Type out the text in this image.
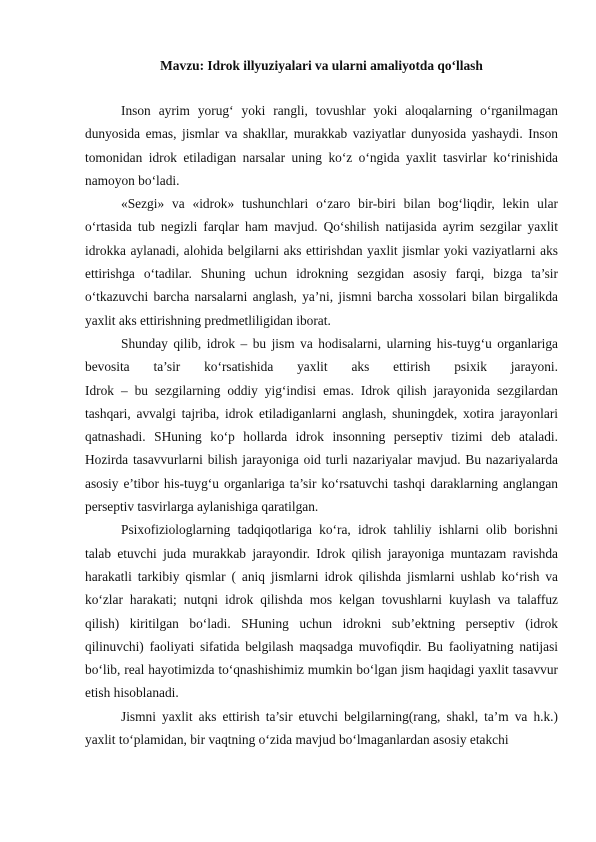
Mavzu: Idrok illyuziyalari va ularni amaliyotda qo‘llash

Inson ayrim yorug‘ yoki rangli, tovushlar yoki aloqalarning o‘rganilmagan dunyosida emas, jismlar va shakllar, murakkab vaziyatlar dunyosida yashaydi. Inson tomonidan idrok etiladigan narsalar uning ko‘z o‘ngida yaxlit tasvirlar ko‘rinishida namoyon bo‘ladi.

«Sezgi» va «idrok» tushunchlari o‘zaro bir-biri bilan bog‘liqdir, lekin ular o‘rtasida tub negizli farqlar ham mavjud. Qo‘shilish natijasida ayrim sezgilar yaxlit idrokka aylanadi, alohida belgilarni aks ettirishdan yaxlit jismlar yoki vaziyatlarni aks ettirishga o‘tadilar. Shuning uchun idrokning sezgidan asosiy farqi, bizga ta’sir o‘tkazuvchi barcha narsalarni anglash, ya’ni, jismni barcha xossolari bilan birgalikda yaxlit aks ettirishning predmetliligidan iborat.

Shunday qilib, idrok – bu jism va hodisalarni, ularning his-tuyg‘u organlariga bevosita ta’sir ko‘rsatishida yaxlit aks ettirish psixik jarayoni.

Idrok – bu sezgilarning oddiy yig‘indisi emas. Idrok qilish jarayonida sezgilardan tashqari, avvalgi tajriba, idrok etiladiganlarni anglash, shuningdek, xotira jarayonlari qatnashadi. SHuning ko‘p hollarda idrok insonning perseptiv tizimi deb ataladi. Hozirda tasavvurlarni bilish jarayoniga oid turli nazariyalar mavjud. Bu nazariyalarda asosiy e’tibor his-tuyg‘u organlariga ta’sir ko‘rsatuvchi tashqi daraklarning anglangan perseptiv tasvirlarga aylanishiga qaratilgan.

Psixofiziologlarning tadqiqotlariga ko‘ra, idrok tahliliy ishlarni olib borishni talab etuvchi juda murakkab jarayondir. Idrok qilish jarayoniga muntazam ravishda harakatli tarkibiy qismlar ( aniq jismlarni idrok qilishda jismlarni ushlab ko‘rish va ko‘zlar harakati; nutqni idrok qilishda mos kelgan tovushlarni kuylash va talaffuz qilish) kiritilgan bo‘ladi. SHuning uchun idrokni sub’ektning perseptiv (idrok qilinuvchi) faoliyati sifatida belgilash maqsadga muvofiqdir. Bu faoliyatning natijasi bo‘lib, real hayotimizda to‘qnashishimiz mumkin bo‘lgan jism haqidagi yaxlit tasavvur etish hisoblanadi.

Jismni yaxlit aks ettirish ta’sir etuvchi belgilarning(rang, shakl, ta’m va h.k.) yaxlit to‘plamidan, bir vaqtning o‘zida mavjud bo‘lmaganlardan asosiy etakchi
